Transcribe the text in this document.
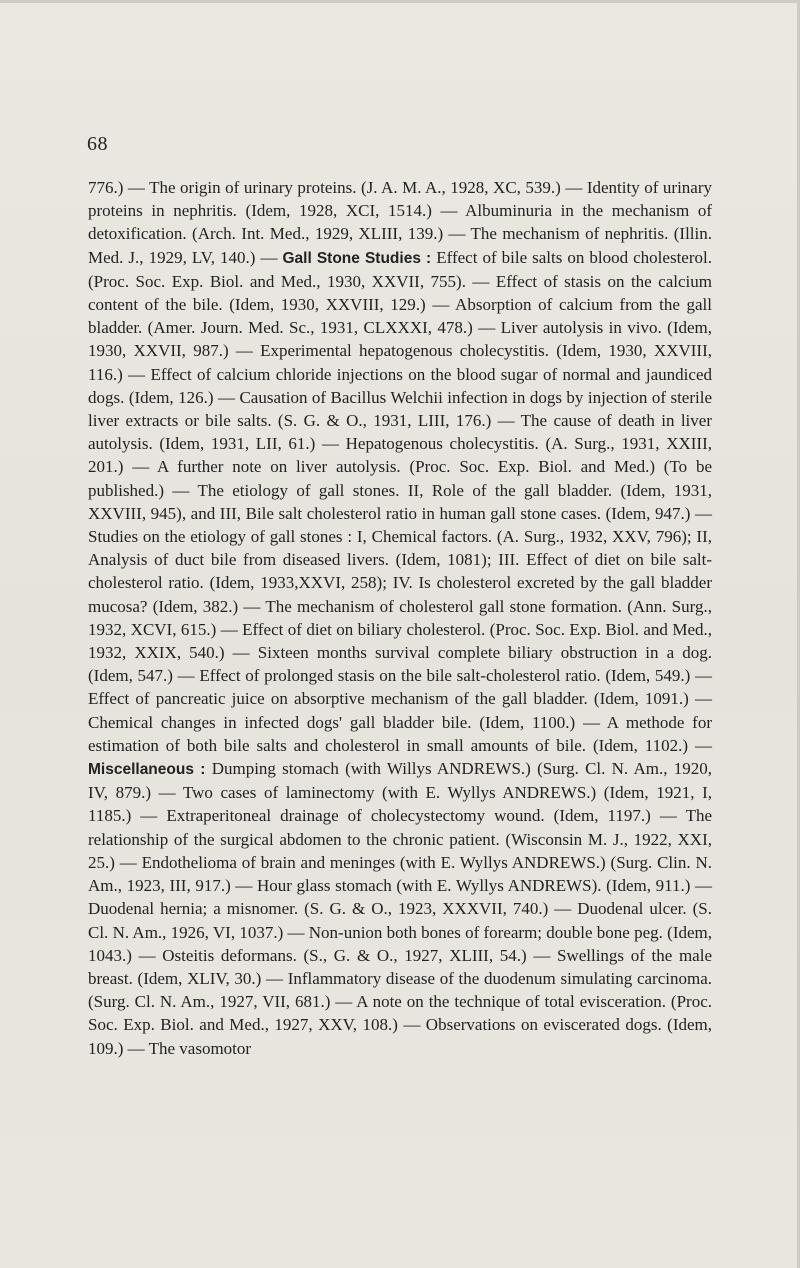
68

776.) — The origin of urinary proteins. (J. A. M. A., 1928, XC, 539.) — Identity of urinary proteins in nephritis. (Idem, 1928, XCI, 1514.) — Albuminuria in the mechanism of detoxification. (Arch. Int. Med., 1929, XLIII, 139.) — The mechanism of nephritis. (Illin. Med. J., 1929, LV, 140.) — Gall Stone Studies : Effect of bile salts on blood cholesterol. (Proc. Soc. Exp. Biol. and Med., 1930, XXVII, 755). — Effect of stasis on the calcium content of the bile. (Idem, 1930, XXVIII, 129.) — Absorption of calcium from the gall bladder. (Amer. Journ. Med. Sc., 1931, CLXXXI, 478.) — Liver autolysis in vivo. (Idem, 1930, XXVII, 987.) — Experimental hepatogenous cholecystitis. (Idem, 1930, XXVIII, 116.) — Effect of calcium chloride injections on the blood sugar of normal and jaundiced dogs. (Idem, 126.) — Causation of Bacillus Welchii infection in dogs by injection of sterile liver extracts or bile salts. (S. G. & O., 1931, LIII, 176.) — The cause of death in liver autolysis. (Idem, 1931, LII, 61.) — Hepatogenous cholecystitis. (A. Surg., 1931, XXIII, 201.) — A further note on liver autolysis. (Proc. Soc. Exp. Biol. and Med.) (To be published.) — The etiology of gall stones. II, Role of the gall bladder. (Idem, 1931, XXVIII, 945), and III, Bile salt cholesterol ratio in human gall stone cases. (Idem, 947.) — Studies on the etiology of gall stones : I, Chemical factors. (A. Surg., 1932, XXV, 796); II, Analysis of duct bile from diseased livers. (Idem, 1081); III. Effect of diet on bile salt-cholesterol ratio. (Idem, 1933,XXVI, 258); IV. Is cholesterol excreted by the gall bladder mucosa? (Idem, 382.) — The mechanism of cholesterol gall stone formation. (Ann. Surg., 1932, XCVI, 615.) — Effect of diet on biliary cholesterol. (Proc. Soc. Exp. Biol. and Med., 1932, XXIX, 540.) — Sixteen months survival complete biliary obstruction in a dog. (Idem, 547.) — Effect of prolonged stasis on the bile salt-cholesterol ratio. (Idem, 549.) — Effect of pancreatic juice on absorptive mechanism of the gall bladder. (Idem, 1091.) — Chemical changes in infected dogs' gall bladder bile. (Idem, 1100.) — A methode for estimation of both bile salts and cholesterol in small amounts of bile. (Idem, 1102.) — Miscellaneous : Dumping stomach (with Willys ANDREWS.) (Surg. Cl. N. Am., 1920, IV, 879.) — Two cases of laminectomy (with E. Wyllys ANDREWS.) (Idem, 1921, I, 1185.) — Extraperitoneal drainage of cholecystectomy wound. (Idem, 1197.) — The relationship of the surgical abdomen to the chronic patient. (Wisconsin M. J., 1922, XXI, 25.) — Endothelioma of brain and meninges (with E. Wyllys ANDREWS.) (Surg. Clin. N. Am., 1923, III, 917.) — Hour glass stomach (with E. Wyllys ANDREWS). (Idem, 911.) — Duodenal hernia; a misnomer. (S. G. & O., 1923, XXXVII, 740.) — Duodenal ulcer. (S. Cl. N. Am., 1926, VI, 1037.) — Non-union both bones of forearm; double bone peg. (Idem, 1043.) — Osteitis deformans. (S., G. & O., 1927, XLIII, 54.) — Swellings of the male breast. (Idem, XLIV, 30.) — Inflammatory disease of the duodenum simulating carcinoma. (Surg. Cl. N. Am., 1927, VII, 681.) — A note on the technique of total evisceration. (Proc. Soc. Exp. Biol. and Med., 1927, XXV, 108.) — Observations on eviscerated dogs. (Idem, 109.) — The vasomotor
